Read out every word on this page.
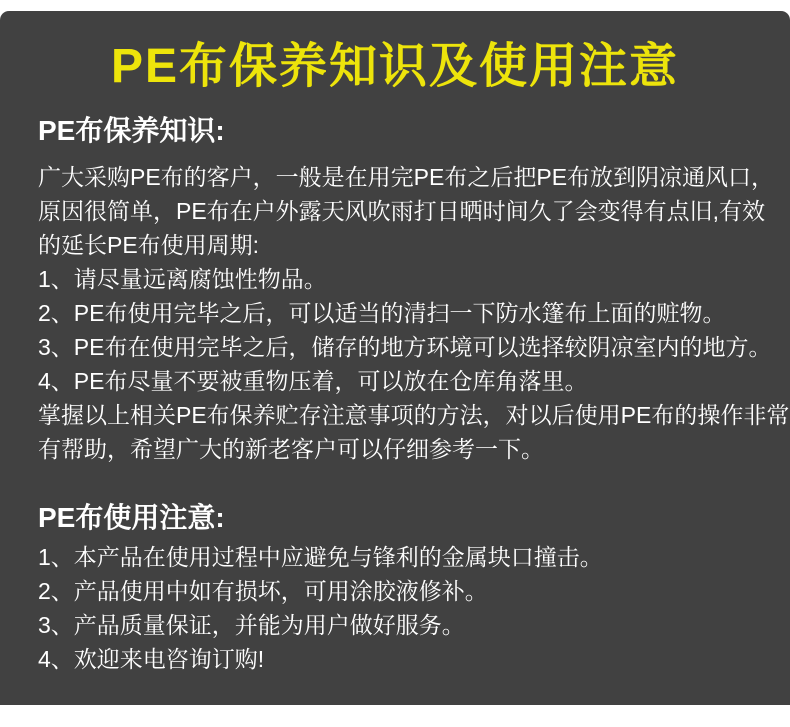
PE布保养知识及使用注意
PE布保养知识:
广大采购PE布的客户，一般是在用完PE布之后把PE布放到阴凉通风口，
原因很简单，PE布在户外露天风吹雨打日晒时间久了会变得有点旧,有效
的延长PE布使用周期:
1、请尽量远离腐蚀性物品。
2、PE布使用完毕之后，可以适当的清扫一下防水篷布上面的赃物。
3、PE布在使用完毕之后，储存的地方环境可以选择较阴凉室内的地方。
4、PE布尽量不要被重物压着，可以放在仓库角落里。
掌握以上相关PE布保养贮存注意事项的方法，对以后使用PE布的操作非常
有帮助，希望广大的新老客户可以仔细参考一下。
PE布使用注意:
1、本产品在使用过程中应避免与锋利的金属块口撞击。
2、产品使用中如有损坏，可用涂胶液修补。
3、产品质量保证，并能为用户做好服务。
4、欢迎来电咨询订购!
